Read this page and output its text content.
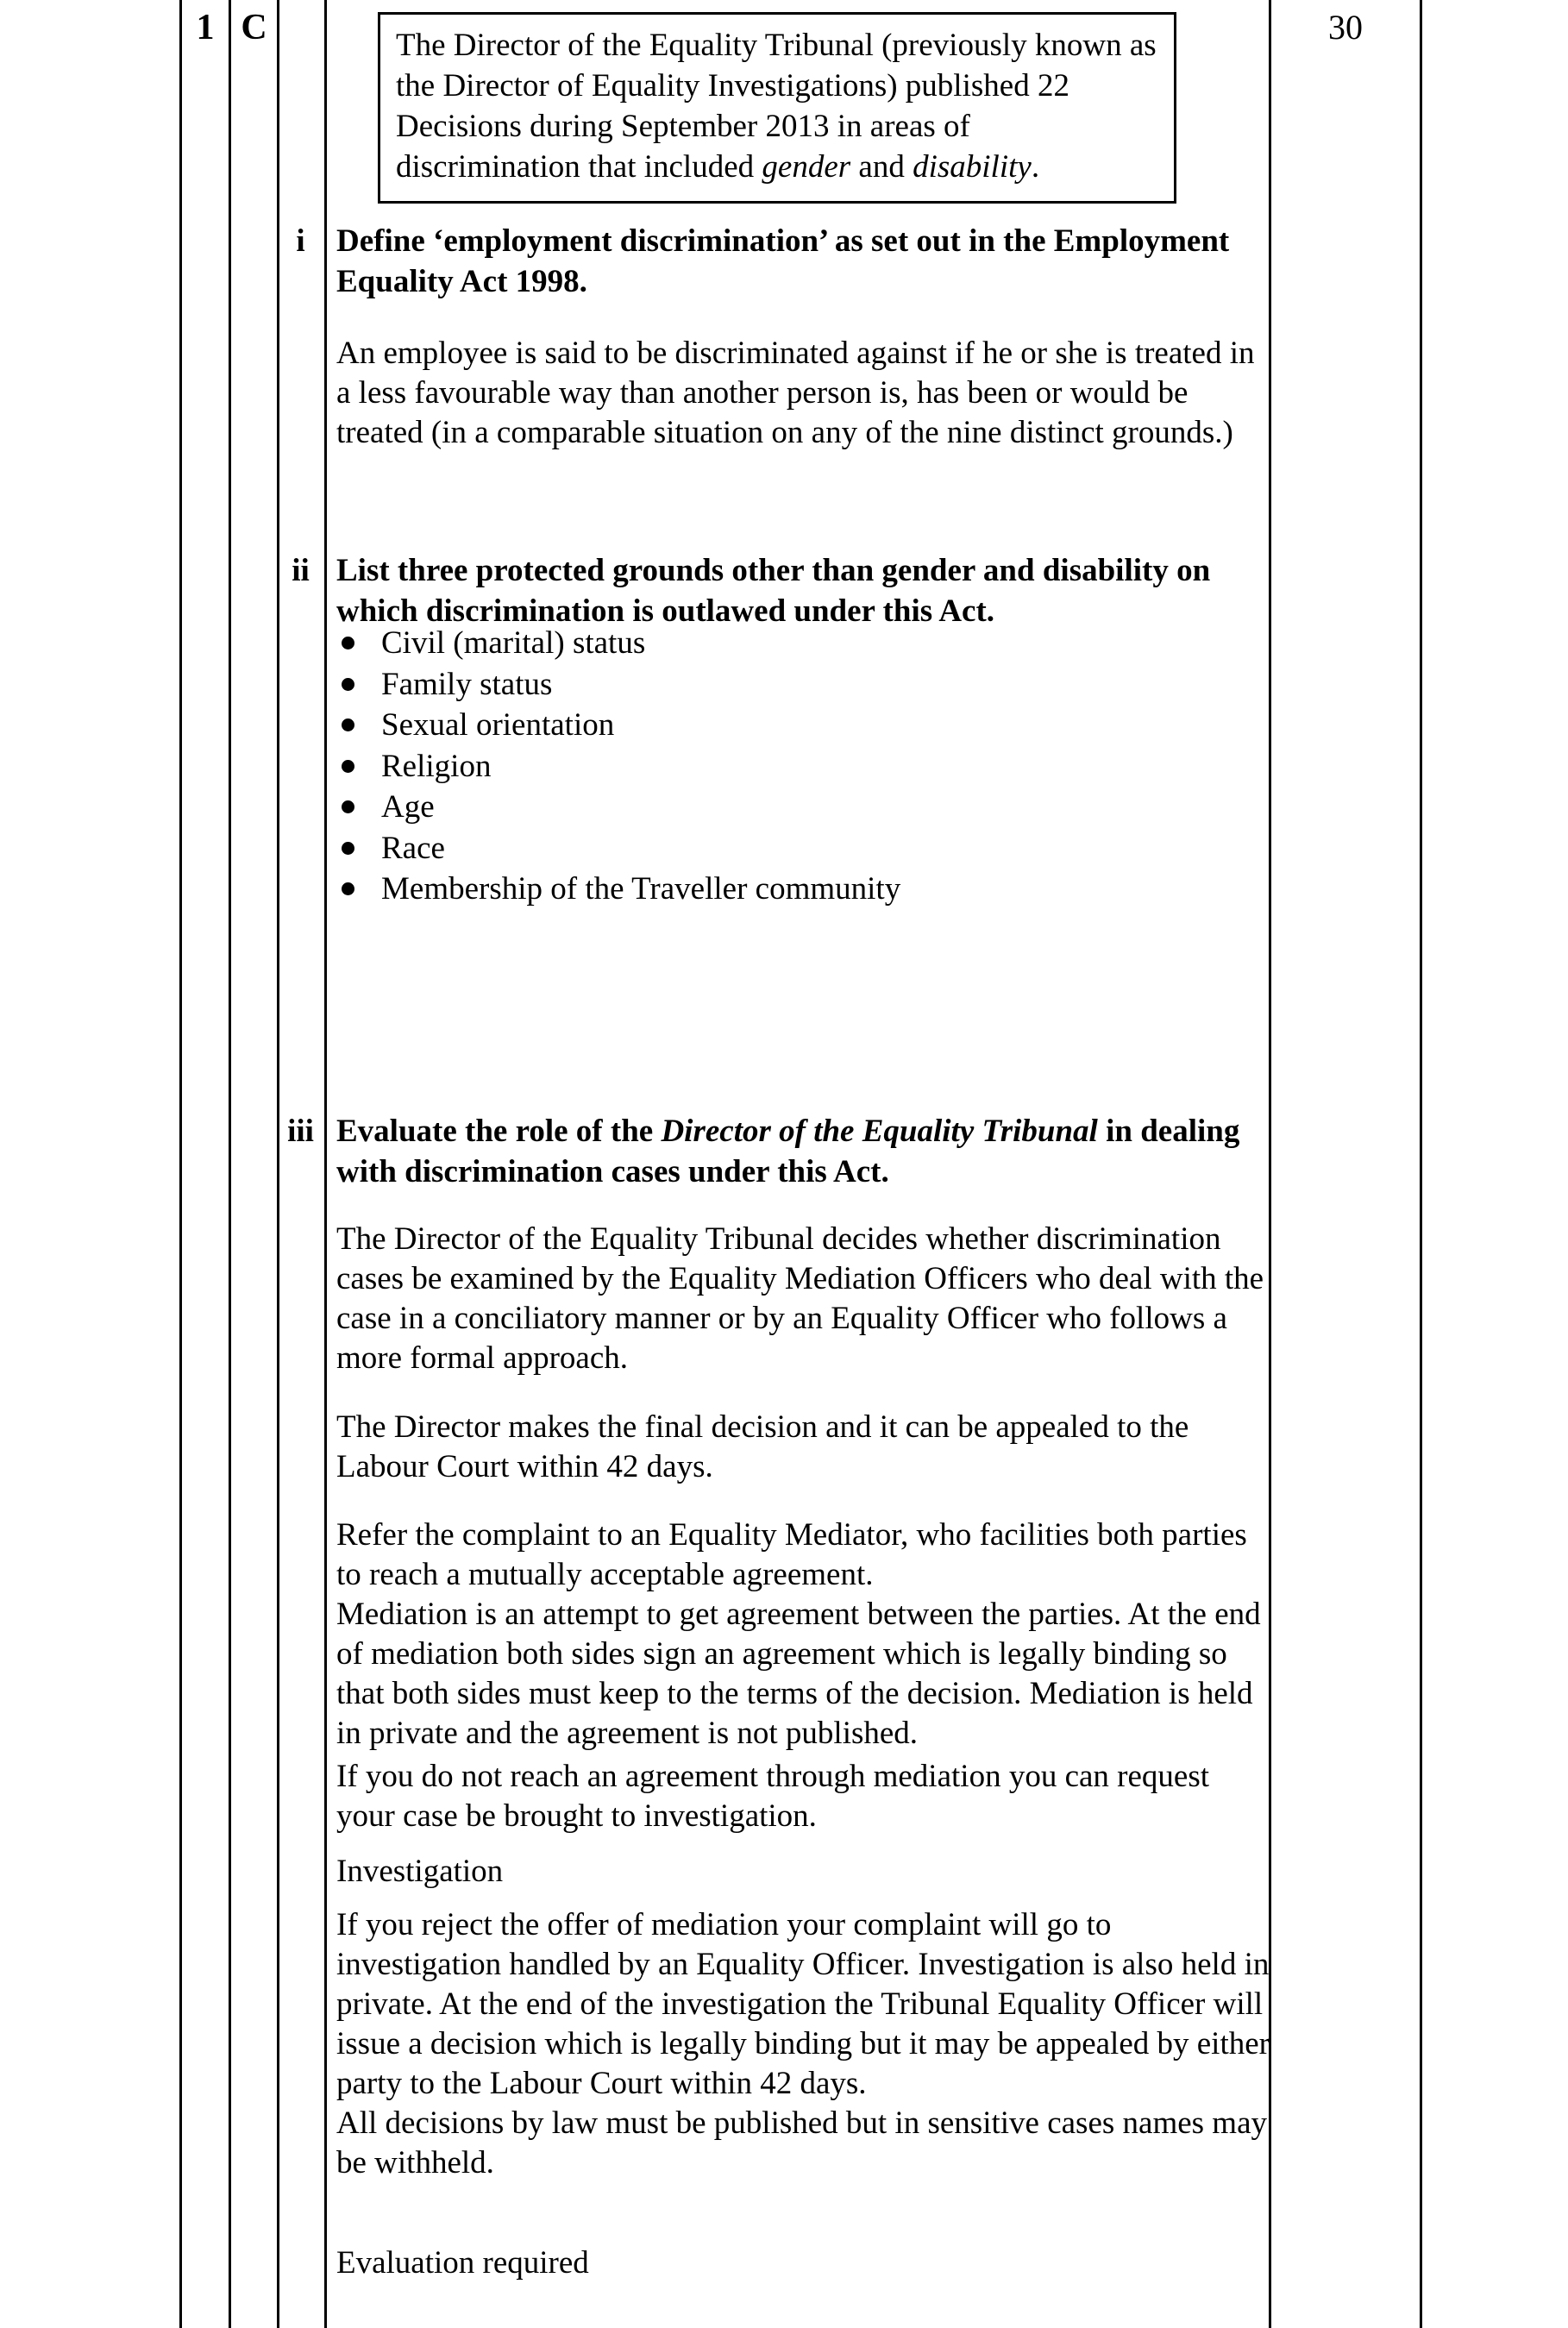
1 C	30
The Director of the Equality Tribunal (previously known as the Director of Equality Investigations) published 22 Decisions during September 2013 in areas of discrimination that included gender and disability.
i Define ‘employment discrimination’ as set out in the Employment Equality Act 1998.
An employee is said to be discriminated against if he or she is treated in a less favourable way than another person is, has been or would be treated (in a comparable situation on any of the nine distinct grounds.)
ii List three protected grounds other than gender and disability on which discrimination is outlawed under this Act.
Civil (marital) status
Family status
Sexual orientation
Religion
Age
Race
Membership of the Traveller community
iii Evaluate the role of the Director of the Equality Tribunal in dealing with discrimination cases under this Act.
The Director of the Equality Tribunal decides whether discrimination cases be examined by the Equality Mediation Officers who deal with the case in a conciliatory manner or by an Equality Officer who follows a more formal approach.
The Director makes the final decision and it can be appealed to the Labour Court within 42 days.
Refer the complaint to an Equality Mediator, who facilities both parties to reach a mutually acceptable agreement.
Mediation is an attempt to get agreement between the parties. At the end of mediation both sides sign an agreement which is legally binding so that both sides must keep to the terms of the decision. Mediation is held in private and the agreement is not published.
If you do not reach an agreement through mediation you can request your case be brought to investigation.
Investigation
If you reject the offer of mediation your complaint will go to investigation handled by an Equality Officer. Investigation is also held in private. At the end of the investigation the Tribunal Equality Officer will issue a decision which is legally binding but it may be appealed by either party to the Labour Court within 42 days.
All decisions by law must be published but in sensitive cases names may be withheld.
Evaluation required
